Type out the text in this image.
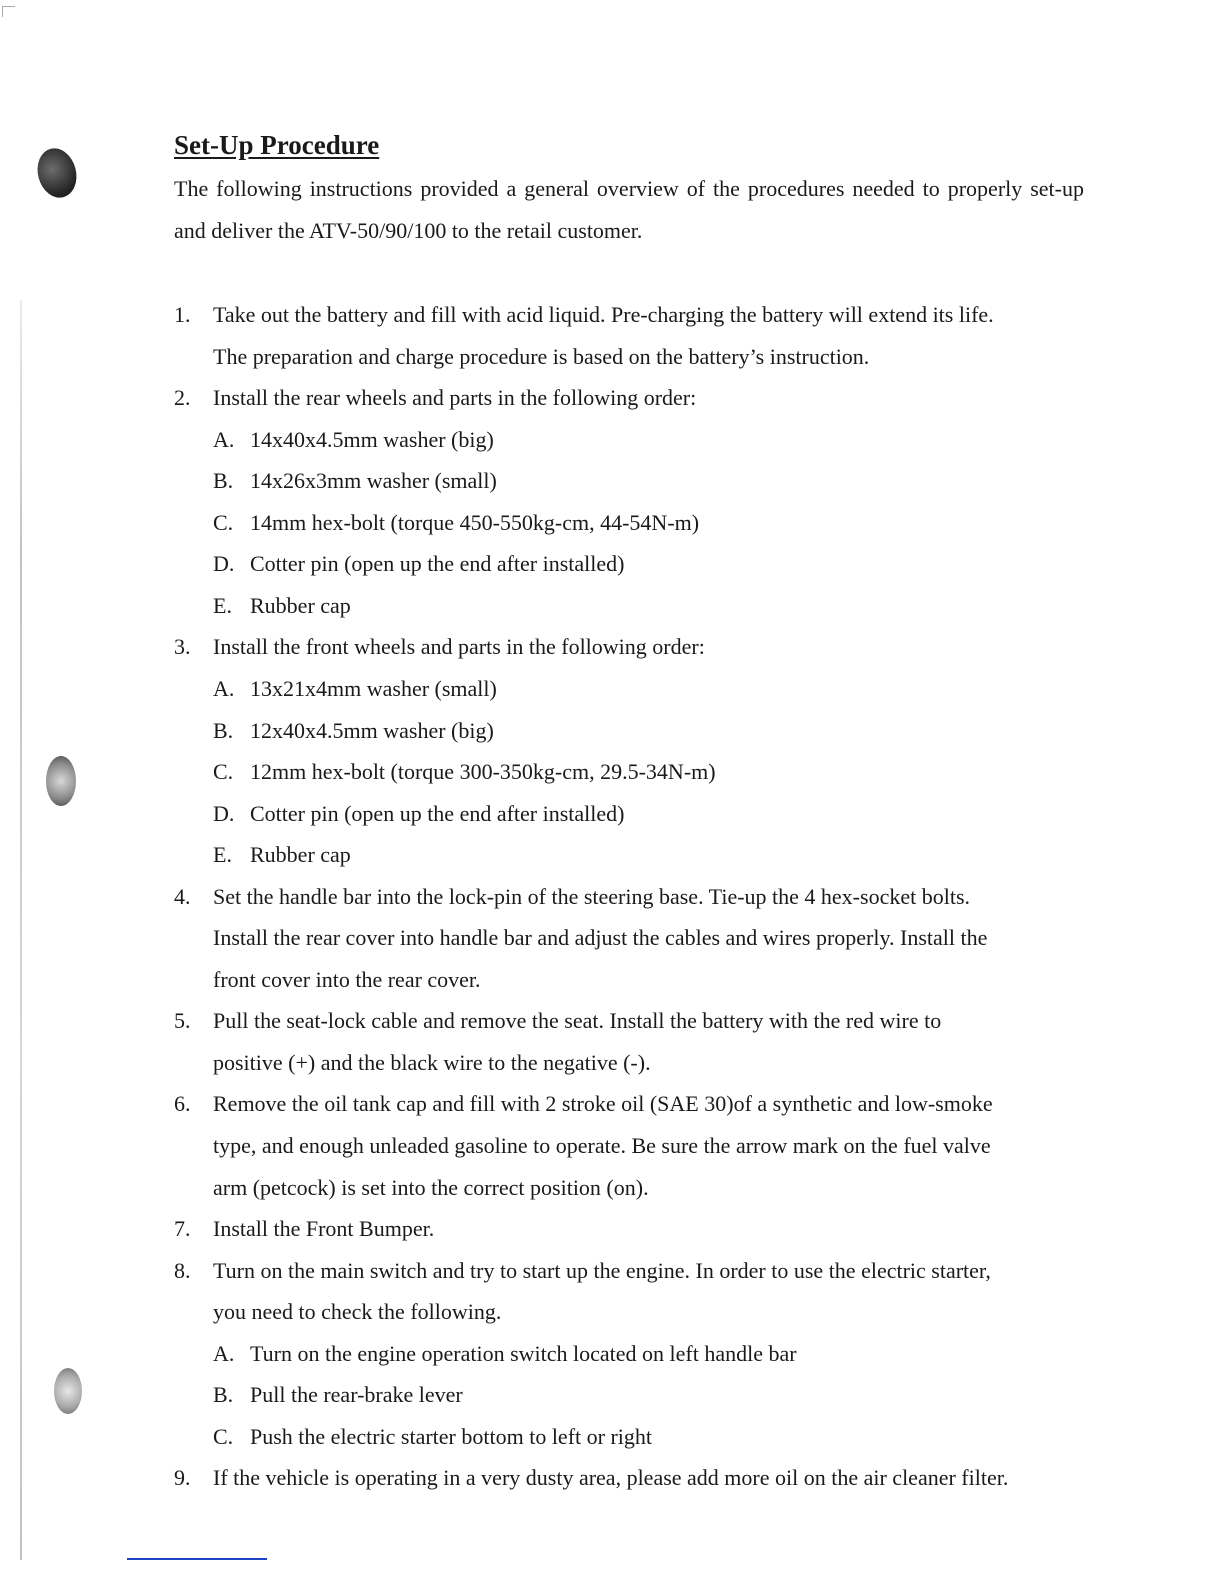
Set-Up Procedure

The following instructions provided a general overview of the procedures needed to properly set-up and deliver the ATV-50/90/100 to the retail customer.

1.	Take out the battery and fill with acid liquid. Pre-charging the battery will extend its life.
The preparation and charge procedure is based on the battery’s instruction.
2.	Install the rear wheels and parts in the following order:
A. 14x40x4.5mm washer (big)
B. 14x26x3mm washer (small)
C. 14mm hex-bolt (torque 450-550kg-cm, 44-54N-m)
D. Cotter pin (open up the end after installed)
E. Rubber cap
3.	Install the front wheels and parts in the following order:
A. 13x21x4mm washer (small)
B. 12x40x4.5mm washer (big)
C. 12mm hex-bolt (torque 300-350kg-cm, 29.5-34N-m)
D. Cotter pin (open up the end after installed)
E. Rubber cap
4.	Set the handle bar into the lock-pin of the steering base. Tie-up the 4 hex-socket bolts.
Install the rear cover into handle bar and adjust the cables and wires properly. Install the
front cover into the rear cover.
5.	Pull the seat-lock cable and remove the seat. Install the battery with the red wire to
positive (+) and the black wire to the negative (-).
6.	Remove the oil tank cap and fill with 2 stroke oil (SAE 30)of a synthetic and low-smoke
type, and enough unleaded gasoline to operate. Be sure the arrow mark on the fuel valve
arm (petcock) is set into the correct position (on).
7.	Install the Front Bumper.
8.	Turn on the main switch and try to start up the engine. In order to use the electric starter,
you need to check the following.
A. Turn on the engine operation switch located on left handle bar
B. Pull the rear-brake lever
C. Push the electric starter bottom to left or right
9.	If the vehicle is operating in a very dusty area, please add more oil on the air cleaner filter.
